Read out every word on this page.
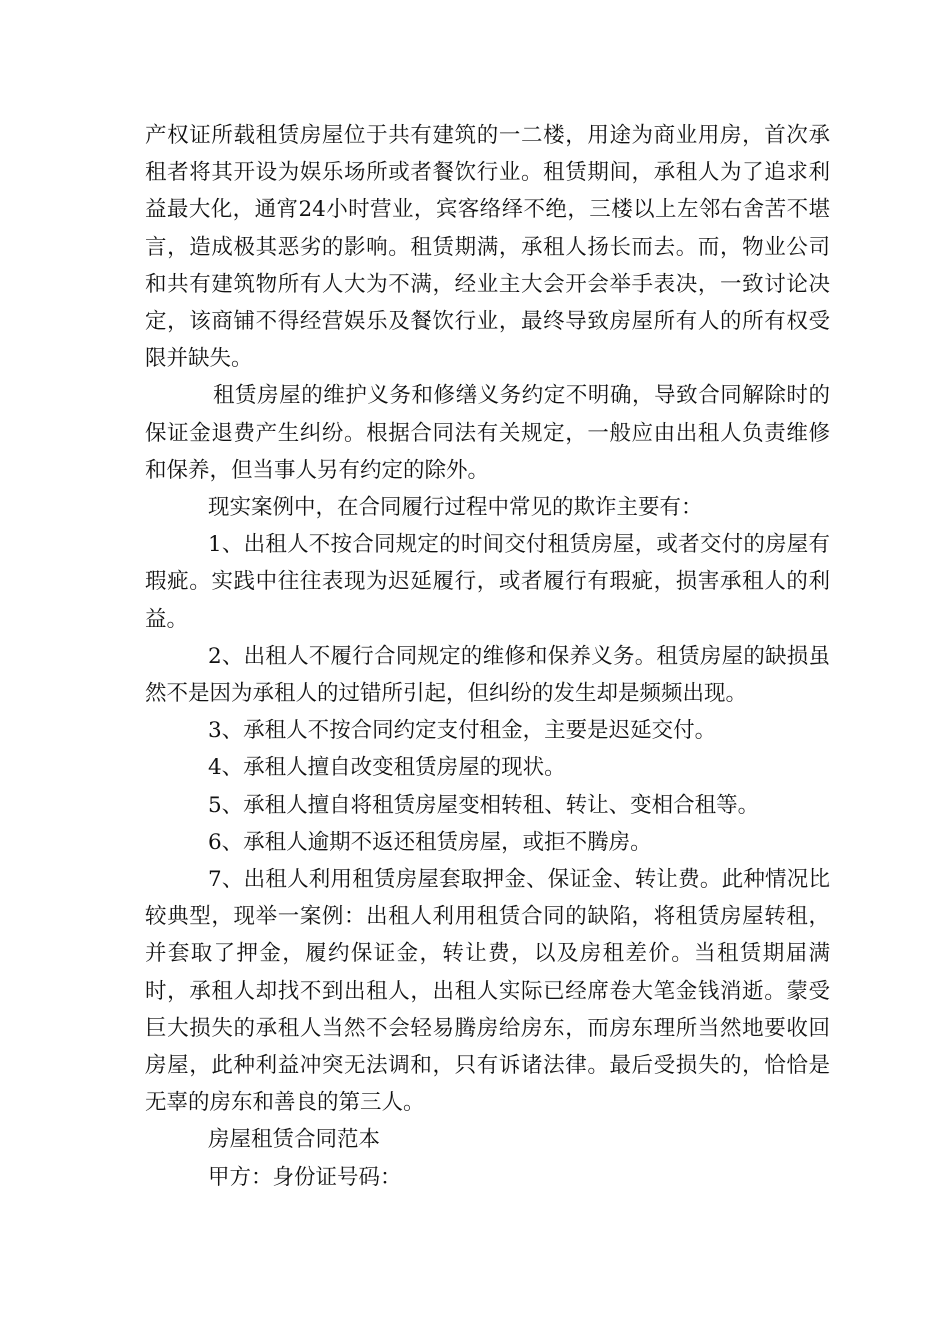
产权证所载租赁房屋位于共有建筑的一二楼，用途为商业用房，首次承租者将其开设为娱乐场所或者餐饮行业。租赁期间，承租人为了追求利益最大化，通宵24小时营业，宾客络绎不绝，三楼以上左邻右舍苦不堪言，造成极其恶劣的影响。租赁期满，承租人扬长而去。而，物业公司和共有建筑物所有人大为不满，经业主大会开会举手表决，一致讨论决定，该商铺不得经营娱乐及餐饮行业，最终导致房屋所有人的所有权受限并缺失。

租赁房屋的维护义务和修缮义务约定不明确，导致合同解除时的保证金退费产生纠纷。根据合同法有关规定，一般应由出租人负责维修和保养，但当事人另有约定的除外。

现实案例中，在合同履行过程中常见的欺诈主要有：

1、出租人不按合同规定的时间交付租赁房屋，或者交付的房屋有瑕疵。实践中往往表现为迟延履行，或者履行有瑕疵，损害承租人的利益。

2、出租人不履行合同规定的维修和保养义务。租赁房屋的缺损虽然不是因为承租人的过错所引起，但纠纷的发生却是频频出现。

3、承租人不按合同约定支付租金，主要是迟延交付。

4、承租人擅自改变租赁房屋的现状。

5、承租人擅自将租赁房屋变相转租、转让、变相合租等。

6、承租人逾期不返还租赁房屋，或拒不腾房。

7、出租人利用租赁房屋套取押金、保证金、转让费。此种情况比较典型，现举一案例：出租人利用租赁合同的缺陷，将租赁房屋转租，并套取了押金，履约保证金，转让费，以及房租差价。当租赁期届满时，承租人却找不到出租人，出租人实际已经席卷大笔金钱消逝。蒙受巨大损失的承租人当然不会轻易腾房给房东，而房东理所当然地要收回房屋，此种利益冲突无法调和，只有诉诸法律。最后受损失的，恰恰是无辜的房东和善良的第三人。

房屋租赁合同范本

甲方：身份证号码：
